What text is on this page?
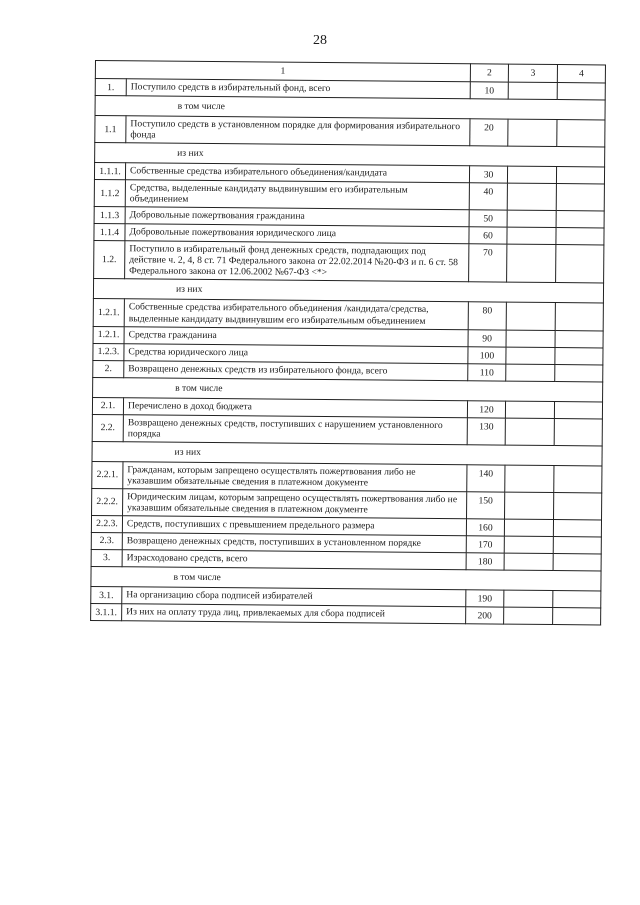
28
1		2	3	4
1.	Поступило средств в избирательный фонд, всего	10		
в том числе				
1.1	Поступило средств в установленном порядке для формирования избирательного фонда	20		
из них				
1.1.1.	Собственные средства избирательного объединения/кандидата	30		
1.1.2	Средства, выделенные кандидату выдвинувшим его избирательным объединением	40		
1.1.3	Добровольные пожертвования гражданина	50		
1.1.4	Добровольные пожертвования юридического лица	60		
1.2.	Поступило в избирательный фонд денежных средств, подпадающих под действие ч. 2, 4, 8 ст. 71 Федерального закона от 22.02.2014 №20-ФЗ и п. 6 ст. 58 Федерального закона от 12.06.2002 №67-ФЗ <*>	70		
из них				
1.2.1.	Собственные средства избирательного объединения /кандидата/средства, выделенные кандидату выдвинувшим его избирательным объединением	80		
1.2.1.	Средства гражданина	90		
1.2.3.	Средства юридического лица	100		
2.	Возвращено денежных средств из избирательного фонда, всего	110		
в том числе				
2.1.	Перечислено в доход бюджета	120		
2.2.	Возвращено денежных средств, поступивших с нарушением установленного порядка	130		
из них				
2.2.1.	Гражданам, которым запрещено осуществлять пожертвования либо не указавшим обязательные сведения в платежном документе	140		
2.2.2.	Юридическим лицам, которым запрещено осуществлять пожертвования либо не указавшим обязательные сведения в платежном документе	150		
2.2.3.	Средств, поступивших с превышением предельного размера	160		
2.3.	Возвращено денежных средств, поступивших в установленном порядке	170		
3.	Израсходовано средств, всего	180		
в том числе				
3.1.	На организацию сбора подписей избирателей	190		
3.1.1.	Из них на оплату труда лиц, привлекаемых для сбора подписей	200		
